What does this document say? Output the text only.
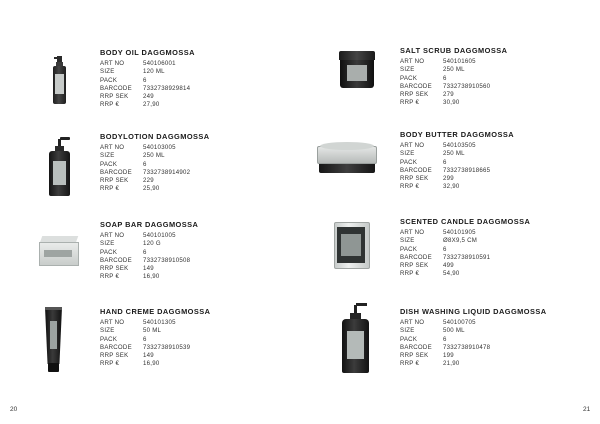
BODY OIL DAGGMOSSA
ART NO	540106001
SIZE	120 ML
PACK	6
BARCODE	7332738929814
RRP SEK	249
RRP €	27,90
BODYLOTION DAGGMOSSA
ART NO	540103005
SIZE	250 ML
PACK	6
BARCODE	7332738914902
RRP SEK	229
RRP €	25,90
SOAP BAR DAGGMOSSA
ART NO	540101005
SIZE	120 G
PACK	6
BARCODE	7332738910508
RRP SEK	149
RRP €	16,90
HAND CREME DAGGMOSSA
ART NO	540101305
SIZE	50 ML
PACK	6
BARCODE	7332738910539
RRP SEK	149
RRP €	16,90
SALT SCRUB DAGGMOSSA
ART NO	540101605
SIZE	250 ML
PACK	6
BARCODE	7332738910560
RRP SEK	279
RRP €	30,90
BODY BUTTER DAGGMOSSA
ART NO	540103505
SIZE	250 ML
PACK	6
BARCODE	7332738918665
RRP SEK	299
RRP €	32,90
SCENTED CANDLE DAGGMOSSA
ART NO	540101905
SIZE	Ø8X9,5 CM
PACK	6
BARCODE	7332738910591
RRP SEK	499
RRP €	54,90
DISH WASHING LIQUID DAGGMOSSA
ART NO	540100705
SIZE	500 ML
PACK	6
BARCODE	7332738910478
RRP SEK	199
RRP €	21,90
20	21
